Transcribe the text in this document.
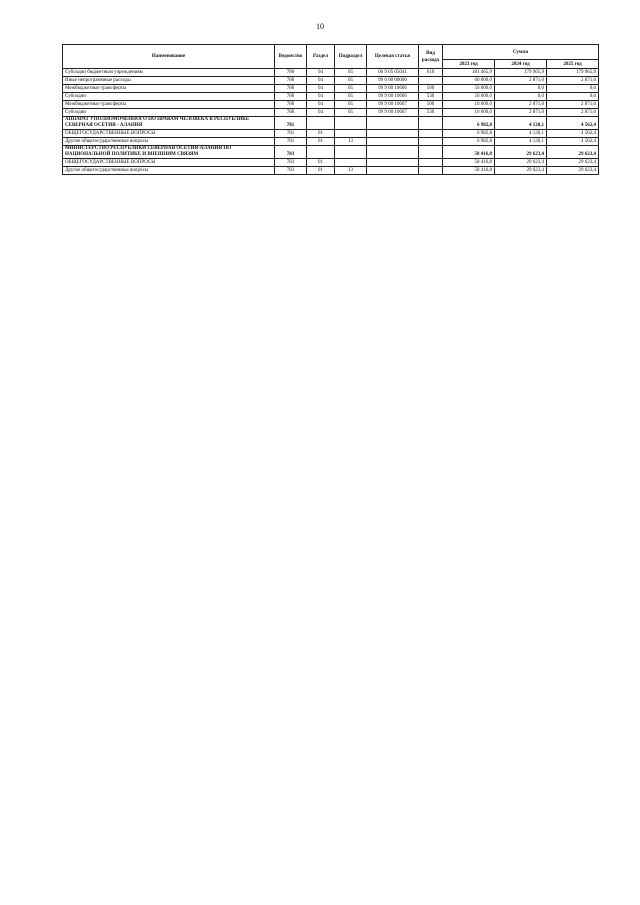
10
Наименование	Ведомство	Раздел	Подраздел	Целевая статья	Вид расхода	Сумма		
						2023 год	2024 год	2025 год
Субсидии бюджетным учреждениям	780	04	05	06 9 05 05041	610	181 465,9	179 965,9	179 965,9
Иные непрограммные расходы	780	04	05	99 0 00 00000		60 000,0	2 871,0	2 871,0
Межбюджетные трансферты	780	04	05	99 9 00 10606	500	50 000,0	0,0	0,0
Субсидии	780	04	05	99 9 00 10606	530	50 000,0	0,0	0,0
Межбюджетные трансферты	780	04	05	99 9 00 10607	500	10 000,0	2 871,0	2 871,0
Субсидии	780	04	05	99 9 00 10607	530	10 000,0	2 871,0	2 871,0
АППАРАТ УПОЛНОМОЧЕННОГО ПО ПРАВАМ ЧЕЛОВЕКА В РЕСПУБЛИКЕ СЕВЕРНАЯ ОСЕТИЯ - АЛАНИЯ	781					6 982,8	4 120,1	4 562,4
ОБЩЕГОСУДАРСТВЕННЫЕ ВОПРОСЫ	781	01				6 982,8	4 120,1	4 562,4
Другие общегосударственные вопросы	781	01	13			6 982,8	4 120,1	4 562,4
МИНИСТЕРСТВО РЕСПУБЛИКИ СЕВЕРНАЯ ОСЕТИЯ-АЛАНИЯ ПО НАЦИОНАЛЬНОЙ ПОЛИТИКЕ И ВНЕШНИМ СВЯЗЯМ	783					58 416,8	29 623,4	29 623,4
ОБЩЕГОСУДАРСТВЕННЫЕ ВОПРОСЫ	783	01				58 416,8	29 623,4	29 623,4
Другие общегосударственные вопросы	783	01	13			58 416,8	29 623,4	29 623,4
